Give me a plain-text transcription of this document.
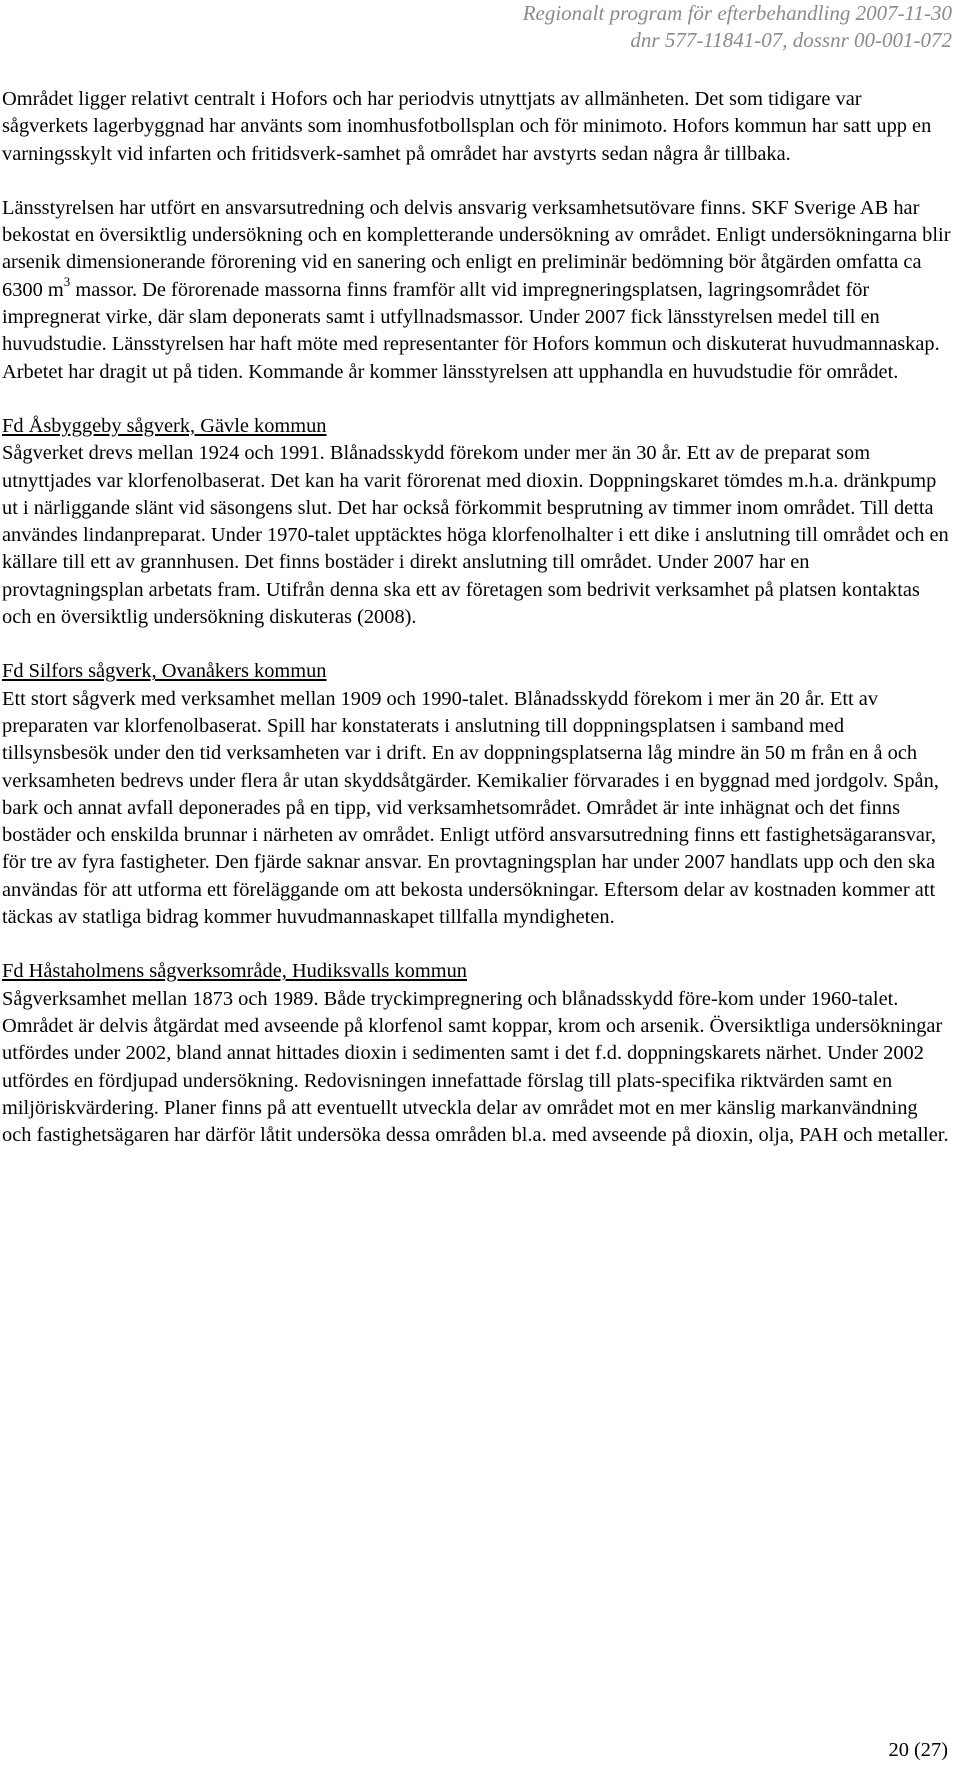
Regionalt program för efterbehandling 2007-11-30
dnr 577-11841-07, dossnr 00-001-072

Området ligger relativt centralt i Hofors och har periodvis utnyttjats av allmänheten. Det som tidigare var sågverkets lagerbyggnad har använts som inomhusfotbollsplan och för minimoto. Hofors kommun har satt upp en varningsskylt vid infarten och fritidsverk-samhet på området har avstyrts sedan några år tillbaka.

Länsstyrelsen har utfört en ansvarsutredning och delvis ansvarig verksamhetsutövare finns. SKF Sverige AB har bekostat en översiktlig undersökning och en kompletterande undersökning av området. Enligt undersökningarna blir arsenik dimensionerande förorening vid en sanering och enligt en preliminär bedömning bör åtgärden omfatta ca 6300 $m^3$ massor. De förorenade massorna finns framför allt vid impregneringsplatsen, lagringsområdet för impregnerat virke, där slam deponerats samt i utfyllnadsmassor. Under 2007 fick länsstyrelsen medel till en huvudstudie. Länsstyrelsen har haft möte med representanter för Hofors kommun och diskuterat huvudmannaskap. Arbetet har dragit ut på tiden. Kommande år kommer länsstyrelsen att upphandla en huvudstudie för området.

Fd Åsbyggeby sågverk, Gävle kommun

Sågverket drevs mellan 1924 och 1991. Blånadsskydd förekom under mer än 30 år. Ett av de preparat som utnyttjades var klorfenolbaserat. Det kan ha varit förorenat med dioxin. Doppningskaret tömdes m.h.a. dränkpump ut i närliggande slänt vid säsongens slut. Det har också förkommit besprutning av timmer inom området. Till detta användes lindanpreparat. Under 1970-talet upptäcktes höga klorfenolhalter i ett dike i anslutning till området och en källare till ett av grannhusen. Det finns bostäder i direkt anslutning till området. Under 2007 har en provtagningsplan arbetats fram. Utifrån denna ska ett av företagen som bedrivit verksamhet på platsen kontaktas och en översiktlig undersökning diskuteras (2008).

Fd Silfors sågverk, Ovanåkers kommun

Ett stort sågverk med verksamhet mellan 1909 och 1990-talet. Blånadsskydd förekom i mer än 20 år. Ett av preparaten var klorfenolbaserat. Spill har konstaterats i anslutning till doppningsplatsen i samband med tillsynsbesök under den tid verksamheten var i drift. En av doppningsplatserna låg mindre än 50 m från en å och verksamheten bedrevs under flera år utan skyddsåtgärder. Kemikalier förvarades i en byggnad med jordgolv. Spån, bark och annat avfall deponerades på en tipp, vid verksamhetsområdet. Området är inte inhägnat och det finns bostäder och enskilda brunnar i närheten av området. Enligt utförd ansvarsutredning finns ett fastighetsägaransvar, för tre av fyra fastigheter. Den fjärde saknar ansvar. En provtagningsplan har under 2007 handlats upp och den ska användas för att utforma ett föreläggande om att bekosta undersökningar. Eftersom delar av kostnaden kommer att täckas av statliga bidrag kommer huvudmannaskapet tillfalla myndigheten.

Fd Håstaholmens sågverksområde, Hudiksvalls kommun

Sågverksamhet mellan 1873 och 1989. Både tryckimpregnering och blånadsskydd före-kom under 1960-talet. Området är delvis åtgärdat med avseende på klorfenol samt koppar, krom och arsenik. Översiktliga undersökningar utfördes under 2002, bland annat hittades dioxin i sedimenten samt i det f.d. doppningskarets närhet. Under 2002 utfördes en fördjupad undersökning. Redovisningen innefattade förslag till plats-specifika riktvärden samt en miljöriskvärdering. Planer finns på att eventuellt utveckla delar av området mot en mer känslig markanvändning och fastighetsägaren har därför låtit undersöka dessa områden bl.a. med avseende på dioxin, olja, PAH och metaller.

20 (27)
